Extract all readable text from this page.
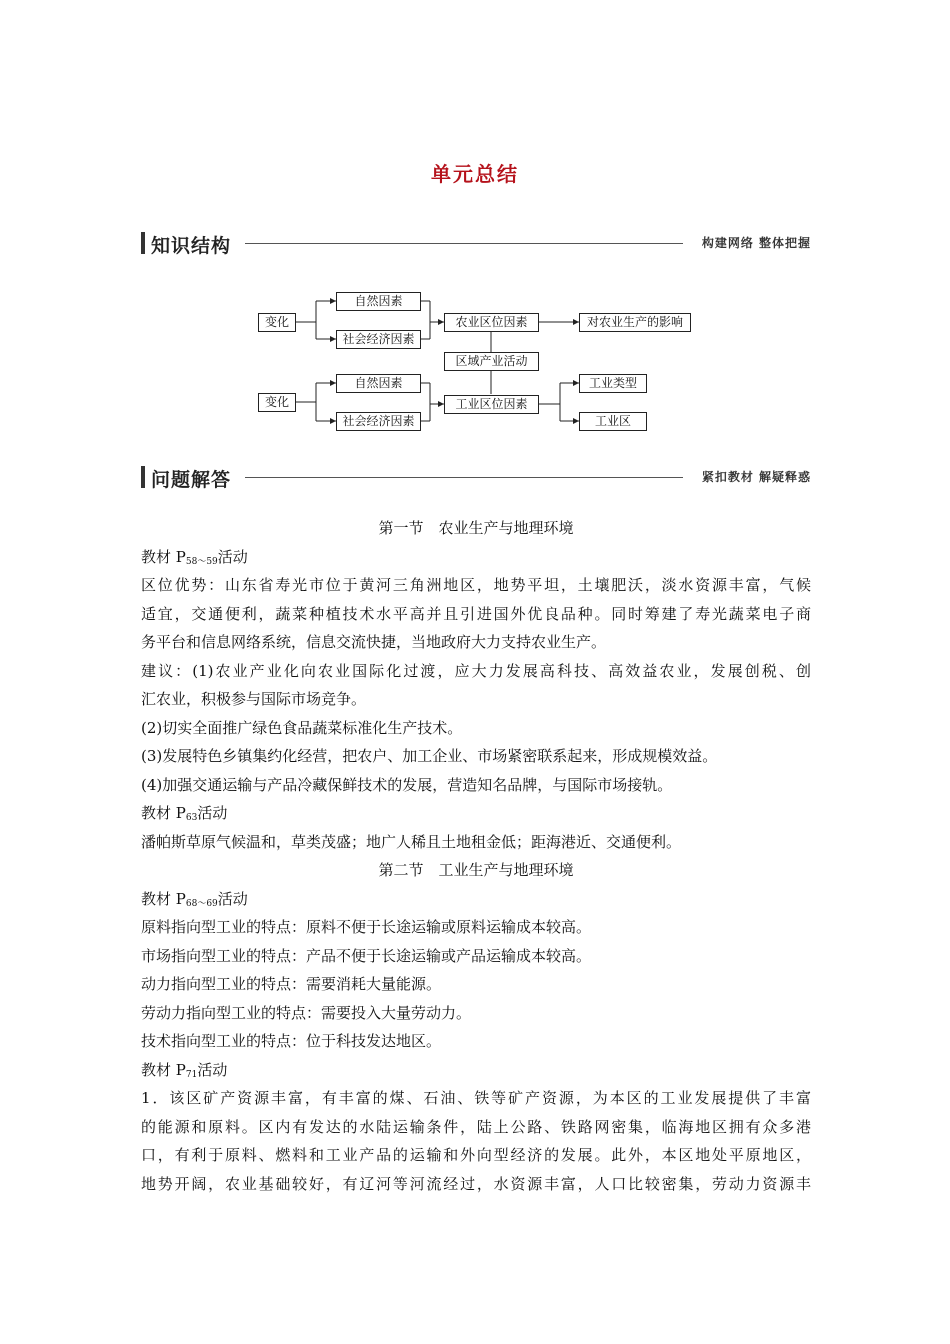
单元总结
知识结构	构建网络 整体把握
变化
自然因素
社会经济因素
农业区位因素	对农业生产的影响
区域产业活动
变化
自然因素
社会经济因素
工业区位因素
工业类型
工业区
问题解答	紧扣教材 解疑释惑
第一节　农业生产与地理环境
教材 P58～59活动
区位优势：山东省寿光市位于黄河三角洲地区，地势平坦，土壤肥沃，淡水资源丰富，气候
适宜，交通便利，蔬菜种植技术水平高并且引进国外优良品种。同时筹建了寿光蔬菜电子商
务平台和信息网络系统，信息交流快捷，当地政府大力支持农业生产。
建议：(1)农业产业化向农业国际化过渡，应大力发展高科技、高效益农业，发展创税、创
汇农业，积极参与国际市场竞争。
(2)切实全面推广绿色食品蔬菜标准化生产技术。
(3)发展特色乡镇集约化经营，把农户、加工企业、市场紧密联系起来，形成规模效益。
(4)加强交通运输与产品冷藏保鲜技术的发展，营造知名品牌，与国际市场接轨。
教材 P63活动
潘帕斯草原气候温和，草类茂盛；地广人稀且土地租金低；距海港近、交通便利。
第二节　工业生产与地理环境
教材 P68～69活动
原料指向型工业的特点：原料不便于长途运输或原料运输成本较高。
市场指向型工业的特点：产品不便于长途运输或产品运输成本较高。
动力指向型工业的特点：需要消耗大量能源。
劳动力指向型工业的特点：需要投入大量劳动力。
技术指向型工业的特点：位于科技发达地区。
教材 P71活动
1．该区矿产资源丰富，有丰富的煤、石油、铁等矿产资源，为本区的工业发展提供了丰富
的能源和原料。区内有发达的水陆运输条件，陆上公路、铁路网密集，临海地区拥有众多港
口，有利于原料、燃料和工业产品的运输和外向型经济的发展。此外，本区地处平原地区，
地势开阔，农业基础较好，有辽河等河流经过，水资源丰富，人口比较密集，劳动力资源丰
